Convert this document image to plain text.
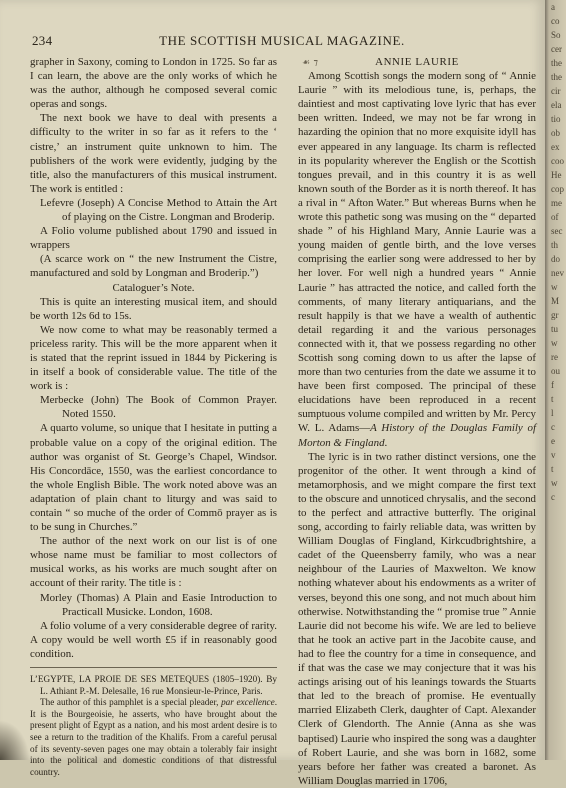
234	THE SCOTTISH MUSICAL MAGAZINE.

grapher in Saxony, coming to London in 1725. So far as I can learn, the above are the only works of which he was the author, although he composed several comic operas and songs.

The next book we have to deal with presents a difficulty to the writer in so far as it refers to the ‘ cistre,’ an instrument quite unknown to him. The publishers of the work were evidently, judging by the title, also the manufacturers of this musical instrument. The work is entitled :

Lefevre (Joseph) A Concise Method to Attain the Art of playing on the Cistre. Longman and Broderip.

A Folio volume published about 1790 and issued in wrappers

(A scarce work on “ the new Instrument the Cistre, manufactured and sold by Longman and Broderip.”)

Cataloguer’s Note.

This is quite an interesting musical item, and should be worth 12s 6d to 15s.

We now come to what may be reasonably termed a priceless rarity. This will be the more apparent when it is stated that the reprint issued in 1844 by Pickering is in itself a book of considerable value. The title of the work is :

Merbecke (John) The Book of Common Prayer. Noted 1550.

A quarto volume, so unique that I hesitate in putting a probable value on a copy of the original edition. The author was organist of St. George’s Chapel, Windsor. His Concordāce, 1550, was the earliest concordance to the whole English Bible. The work noted above was an adaptation of plain chant to liturgy and was said to contain “ so muche of the order of Commō prayer as is to be sung in Churches.”

The author of the next work on our list is of one whose name must be familiar to most collectors of musical works, as his works are much sought after on account of their rarity. The title is :

Morley (Thomas) A Plain and Easie Introduction to Practicall Musicke. London, 1608.

A folio volume of a very considerable degree of rarity. A copy would be well worth £5 if in reasonably good condition.

L’EGYPTE, LA PROIE DE SES METEQUES (1805–1920). By L. Athiant P.-M. Delesalle, 16 rue Monsieur-le-Prince, Paris.

The author of this pamphlet is a special pleader, par excellence. It is the Bourgeoisie, he asserts, who have brought about the present plight of Egypt as a nation, and his most ardent desire is to see a return to the tradition of the Khalifs. From a careful perusal of its seventy-seven pages one may obtain a tolerably fair insight into the political and domestic conditions of that distressful country.

☙ ⁊	ANNIE LAURIE

Among Scottish songs the modern song of “ Annie Laurie ” with its melodious tune, is, perhaps, the daintiest and most captivating love lyric that has ever been written. Indeed, we may not be far wrong in hazarding the opinion that no more exquisite idyll has ever appeared in any language. Its charm is reflected in its popularity wherever the English or the Scottish tongues prevail, and in this country it is as well known south of the Border as it is north thereof. It has a rival in “ Afton Water.” But whereas Burns when he wrote this pathetic song was musing on the “ departed shade ” of his Highland Mary, Annie Laurie was a young maiden of gentle birth, and the love verses comprising the earlier song were addressed to her by her lover. For well nigh a hundred years “ Annie Laurie ” has attracted the notice, and called forth the comments, of many literary antiquarians, and the result happily is that we have a wealth of authentic detail regarding it and the various personages connected with it, that we possess regarding no other Scottish song coming down to us after the lapse of more than two centuries from the date we assume it to have been first composed. The principal of these elucidations have been reproduced in a recent sumptuous volume compiled and written by Mr. Percy W. L. Adams—A History of the Douglas Family of Morton & Fingland.

The lyric is in two rather distinct versions, one the progenitor of the other. It went through a kind of metamorphosis, and we might compare the first text to the obscure and unnoticed chrysalis, and the second to the perfect and attractive butterfly. The original song, according to fairly reliable data, was written by William Douglas of Fingland, Kirkcudbrightshire, a cadet of the Queensberry family, who was a near neighbour of the Lauries of Maxwelton. We know nothing whatever about his endowments as a writer of verses, beyond this one song, and not much about him otherwise. Notwithstanding the “ promise true ” Annie Laurie did not become his wife. We are led to believe that he took an active part in the Jacobite cause, and had to flee the country for a time in consequence, and if that was the case we may conjecture that it was his actings arising out of his leanings towards the Stuarts that led to the breach of promise. He eventually married Elizabeth Clerk, daughter of Capt. Alexander Clerk of Glendorth. The Annie (Anna as she was baptised) Laurie who inspired the song was a daughter of Robert Laurie, and she was born in 1682, some years before her father was created a baronet. As William Douglas married in 1706,

a
co
So
cer
the
the
cir
ela
tio
ob
ex
coo
He
cop
me
of
sec
th
do
nev
w
M
gr
tu
w
re
ou
f
t
l
c
e
v
t
w
c
